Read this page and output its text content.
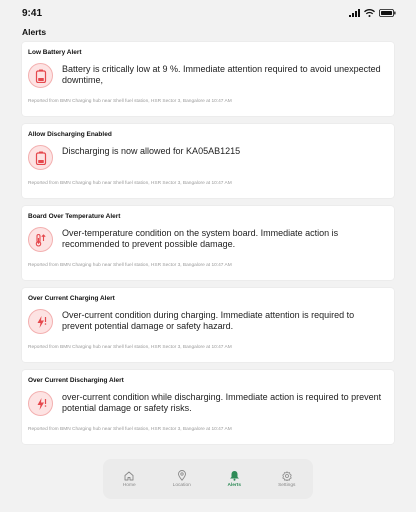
9:41
Alerts
Low Battery Alert
Battery is critically low at 9 %. Immediate attention required to avoid unexpected downtime,
Reported from BMN Charging hub near Shell fuel station, HSR Sector 3, Bangalore at 10:47 AM
Allow Discharging Enabled
Discharging is now allowed for KA05AB1215
Reported from BMN Charging hub near Shell fuel station, HSR Sector 3, Bangalore at 10:47 AM
Board Over Temperature Alert
Over-temperature condition on the system board. Immediate action is recommended to prevent possible damage.
Reported from BMN Charging hub near Shell fuel station, HSR Sector 3, Bangalore at 10:47 AM
Over Current Charging Alert
Over-current condition during charging. Immediate attention is required to prevent potential damage or safety hazard.
Reported from BMN Charging hub near Shell fuel station, HSR Sector 3, Bangalore at 10:47 AM
Over Current Discharging Alert
over-current condition while discharging. Immediate action is required to prevent potential damage or safety risks.
Reported from BMN Charging hub near Shell fuel station, HSR Sector 3, Bangalore at 10:47 AM
Home	Location	Alerts	Settings
